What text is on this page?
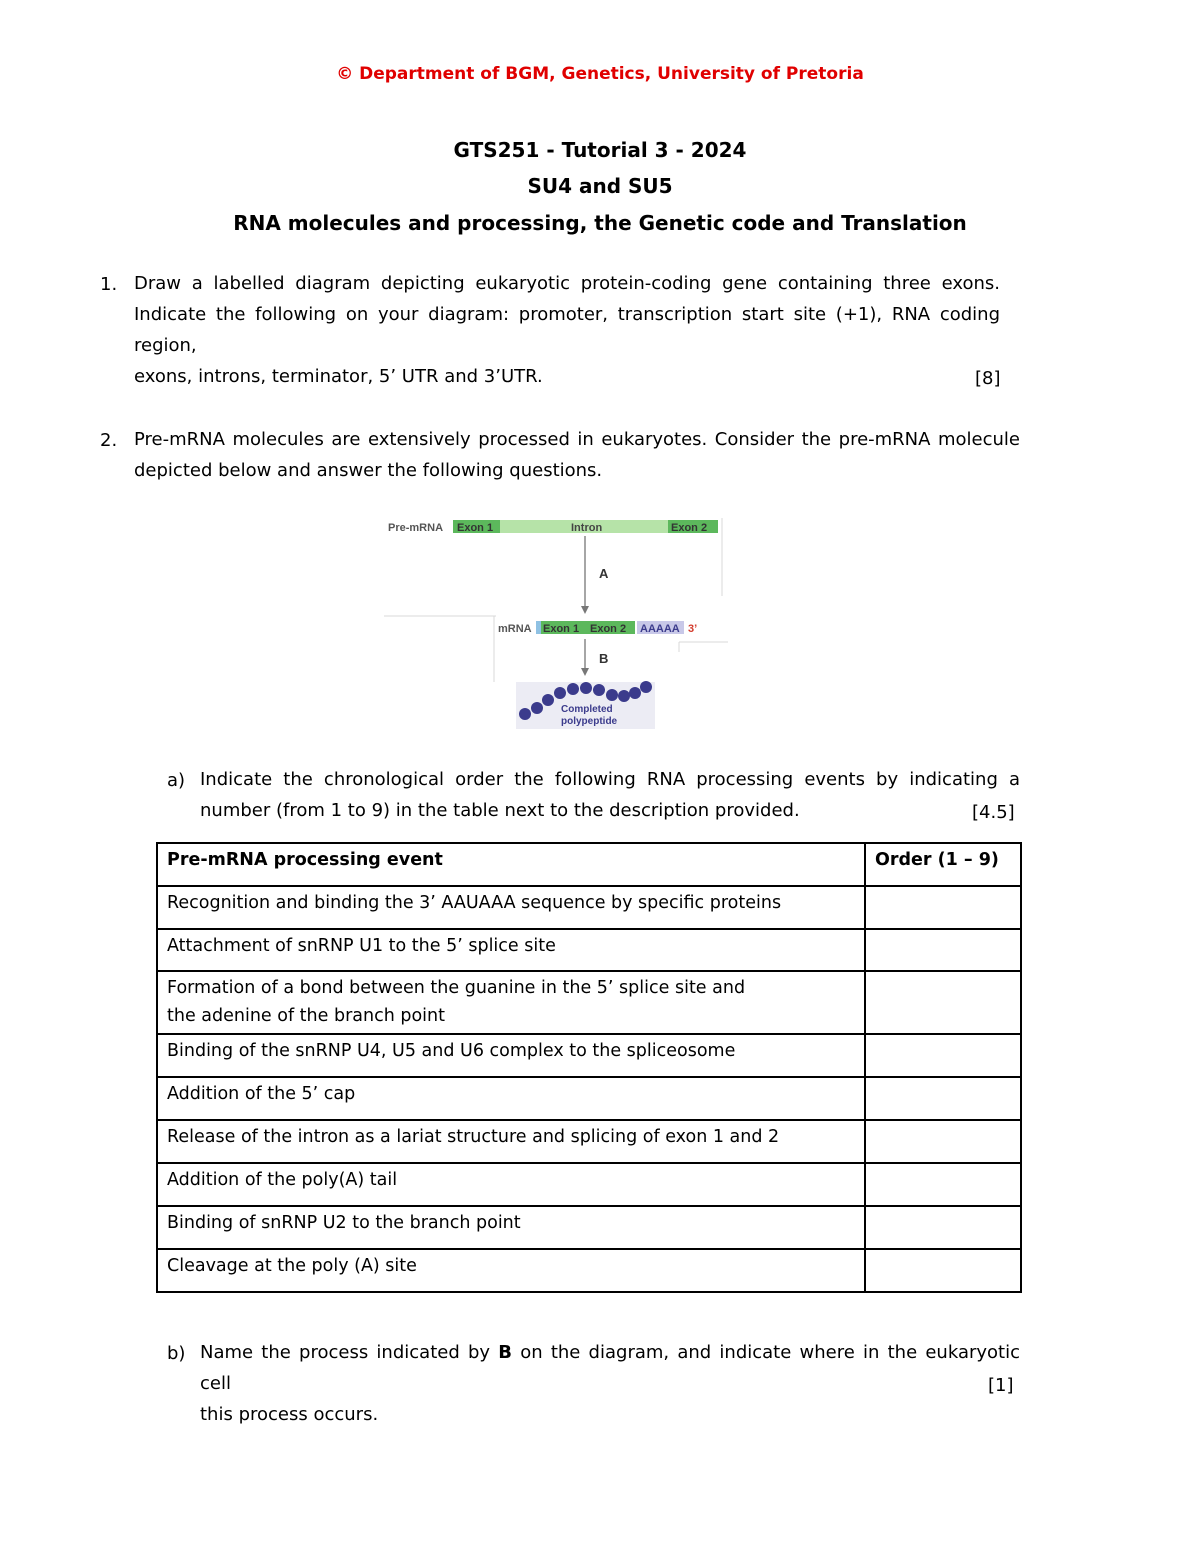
© Department of BGM, Genetics, University of Pretoria
GTS251 - Tutorial 3 - 2024
SU4 and SU5
RNA molecules and processing, the Genetic code and Translation
1. Draw a labelled diagram depicting eukaryotic protein-coding gene containing three exons.
Indicate the following on your diagram: promoter, transcription start site (+1), RNA coding region,
exons, introns, terminator, 5’ UTR and 3’UTR.	[8]
2. Pre-mRNA molecules are extensively processed in eukaryotes. Consider the pre-mRNA molecule
depicted below and answer the following questions.
Pre-mRNA Exon 1	Intron	Exon 2
A
mRNA Exon 1 Exon 2 AAAAA 3’
B
Completed
polypeptide
a) Indicate the chronological order the following RNA processing events by indicating a
number (from 1 to 9) in the table next to the description provided.	[4.5]
Pre-mRNA processing event	Order (1 – 9)

Recognition and binding the 3’ AAUAAA sequence by specific proteins	

Attachment of snRNP U1 to the 5’ splice site	

Formation of a bond between the guanine in the 5’ splice site and
the adenine of the branch point	

Binding of the snRNP U4, U5 and U6 complex to the spliceosome	

Addition of the 5’ cap	

Release of the intron as a lariat structure and splicing of exon 1 and 2	

Addition of the poly(A) tail	

Binding of snRNP U2 to the branch point	

Cleavage at the poly (A) site	

b) Name the process indicated by B on the diagram, and indicate where in the eukaryotic cell
this process occurs.
[1]
